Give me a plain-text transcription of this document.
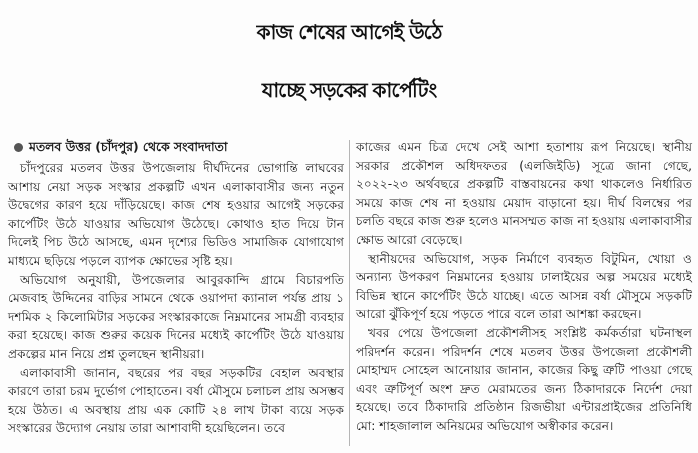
কাজ শেষের আগেই উঠে
যাচ্ছে সড়কের কার্পেটিং
মতলব উত্তর (চাঁদপুর) থেকে সংবাদদাতা

চাঁদপুরের মতলব উত্তর উপজেলায় দীর্ঘদিনের ভোগান্তি লাঘবের আশায় নেয়া সড়ক সংস্কার প্রকল্পটি এখন এলাকাবাসীর জন্য নতুন উদ্বেগের কারণ হয়ে দাঁড়িয়েছে। কাজ শেষ হওয়ার আগেই সড়কের কার্পেটিং উঠে যাওয়ার অভিযোগ উঠেছে। কোথাও হাত দিয়ে টান দিলেই পিচ উঠে আসছে, এমন দৃশ্যের ভিডিও সামাজিক যোগাযোগ মাধ্যমে ছড়িয়ে পড়লে ব্যাপক ক্ষোভের সৃষ্টি হয়।

অভিযোগ অনুযায়ী, উপজেলার আবুরকান্দি গ্রামে বিচারপতি মেজবাহ উদ্দিনের বাড়ির সামনে থেকে ওয়াপদা ক্যানাল পর্যন্ত প্রায় ১ দশমিক ২ কিলোমিটার সড়কের সংস্কারকাজে নিম্নমানের সামগ্রী ব্যবহার করা হয়েছে। কাজ শুরুর কয়েক দিনের মধ্যেই কার্পেটিং উঠে যাওয়ায় প্রকল্পের মান নিয়ে প্রশ্ন তুলছেন স্থানীয়রা।

এলাকাবাসী জানান, বছরের পর বছর সড়কটির বেহাল অবস্থার কারণে তারা চরম দুর্ভোগ পোহাতেন। বর্ষা মৌসুমে চলাচল প্রায় অসম্ভব হয়ে উঠত। এ অবস্থায় প্রায় এক কোটি ২৪ লাখ টাকা ব্যয়ে সড়ক সংস্কারের উদ্যোগ নেয়ায় তারা আশাবাদী হয়েছিলেন। তবে

কাজের এমন চিত্র দেখে সেই আশা হতাশায় রূপ নিয়েছে। স্থানীয় সরকার প্রকৌশল অধিদফতর (এলজিইডি) সূত্রে জানা গেছে, ২০২২-২৩ অর্থবছরে প্রকল্পটি বাস্তবায়নের কথা থাকলেও নির্ধারিত সময়ে কাজ শেষ না হওয়ায় মেয়াদ বাড়ানো হয়। দীর্ঘ বিলম্বের পর চলতি বছরে কাজ শুরু হলেও মানসম্মত কাজ না হওয়ায় এলাকাবাসীর ক্ষোভ আরো বেড়েছে।

স্থানীয়দের অভিযোগ, সড়ক নির্মাণে ব্যবহৃত বিটুমিন, খোয়া ও অন্যান্য উপকরণ নিম্নমানের হওয়ায় ঢালাইয়ের অল্প সময়ের মধ্যেই বিভিন্ন স্থানে কার্পেটিং উঠে যাচ্ছে। এতে আসন্ন বর্ষা মৌসুমে সড়কটি আরো ঝুঁকিপূর্ণ হয়ে পড়তে পারে বলে তারা আশঙ্কা করছেন।

খবর পেয়ে উপজেলা প্রকৌশলীসহ সংশ্লিষ্ট কর্মকর্তারা ঘটনাস্থল পরিদর্শন করেন। পরিদর্শন শেষে মতলব উত্তর উপজেলা প্রকৌশলী মোহাম্মদ সোহেল আনোয়ার জানান, কাজের কিছু ত্রুটি পাওয়া গেছে এবং ত্রুটিপূর্ণ অংশ দ্রুত মেরামতের জন্য ঠিকাদারকে নির্দেশ দেয়া হয়েছে। তবে ঠিকাদারি প্রতিষ্ঠান রিজভীয়া এন্টারপ্রাইজের প্রতিনিধি মো: শাহজালাল অনিয়মের অভিযোগ অস্বীকার করেন।
